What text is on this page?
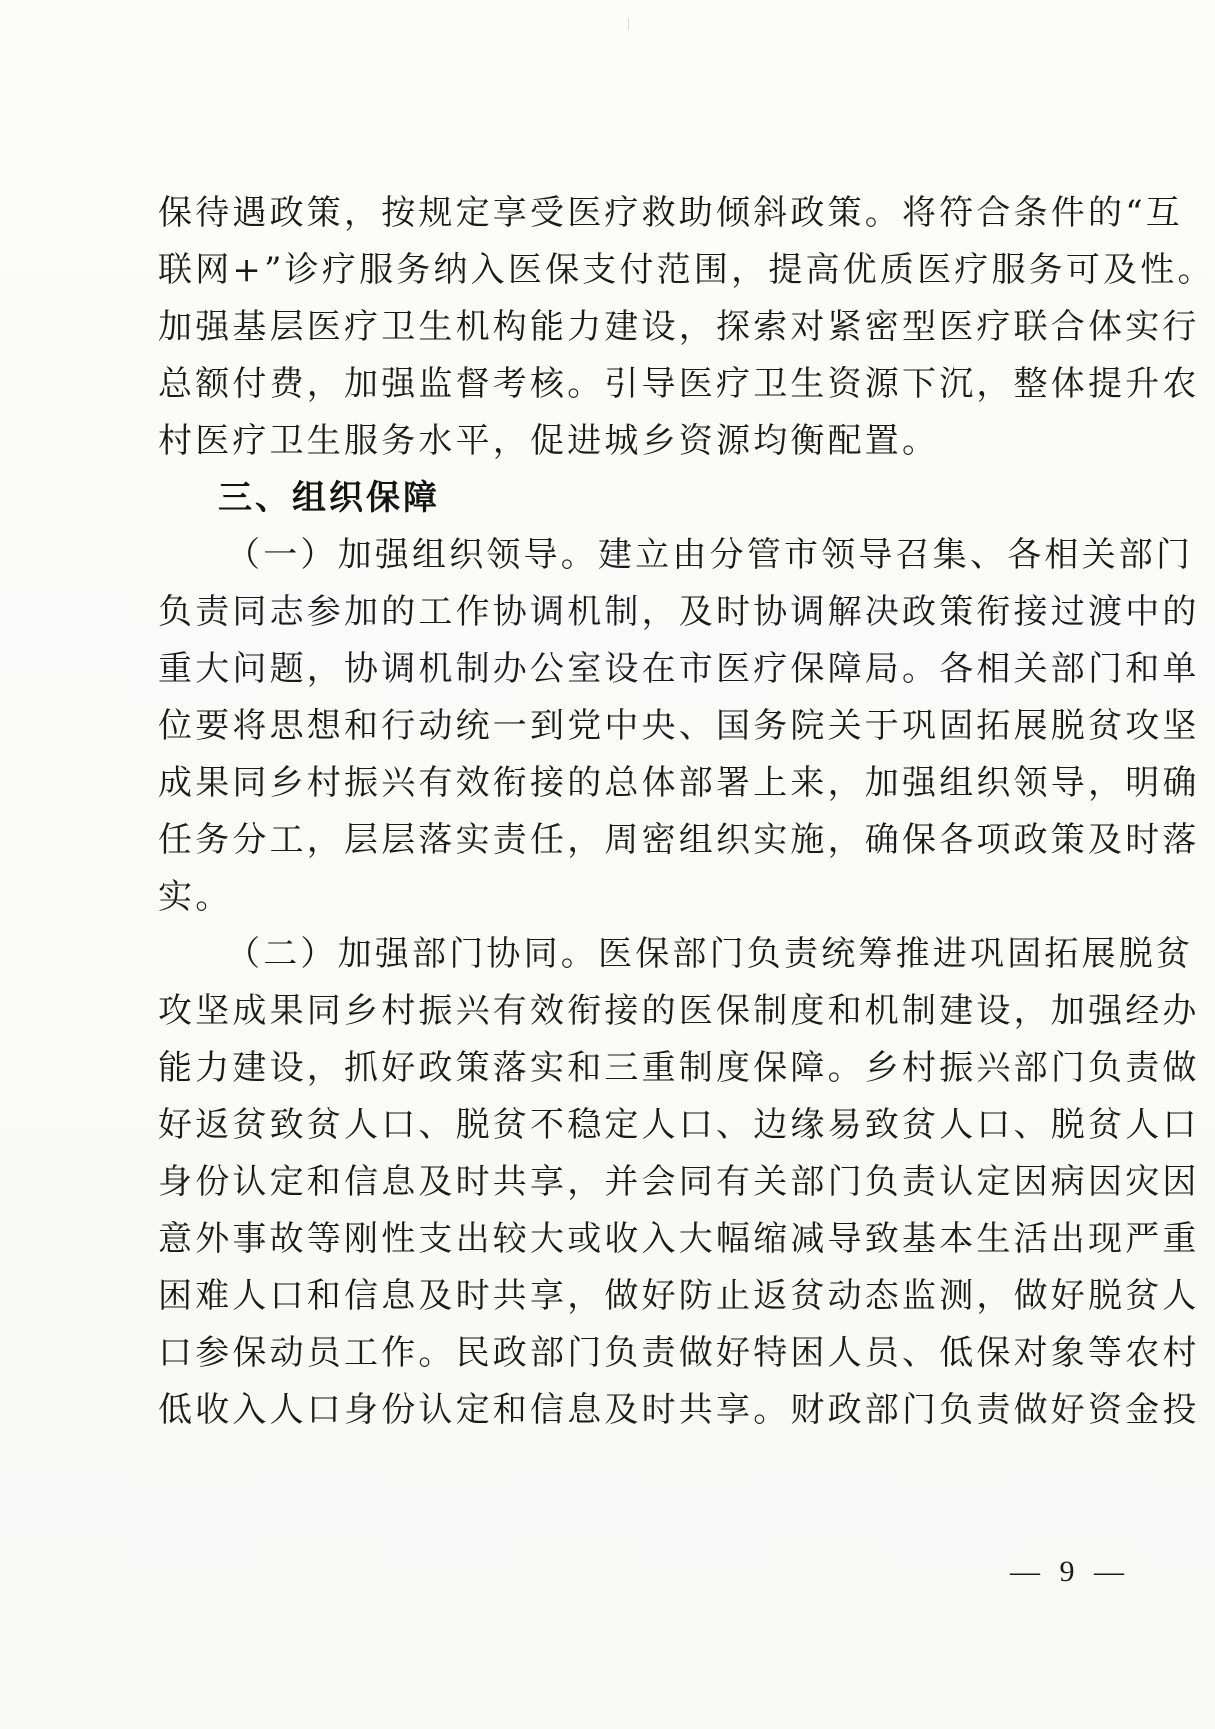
保待遇政策，按规定享受医疗救助倾斜政策。将符合条件的“互
联网+”诊疗服务纳入医保支付范围，提高优质医疗服务可及性。
加强基层医疗卫生机构能力建设，探索对紧密型医疗联合体实行
总额付费，加强监督考核。引导医疗卫生资源下沉，整体提升农
村医疗卫生服务水平，促进城乡资源均衡配置。
三、组织保障
（一）加强组织领导。建立由分管市领导召集、各相关部门
负责同志参加的工作协调机制，及时协调解决政策衔接过渡中的
重大问题，协调机制办公室设在市医疗保障局。各相关部门和单
位要将思想和行动统一到党中央、国务院关于巩固拓展脱贫攻坚
成果同乡村振兴有效衔接的总体部署上来，加强组织领导，明确
任务分工，层层落实责任，周密组织实施，确保各项政策及时落
实。
（二）加强部门协同。医保部门负责统筹推进巩固拓展脱贫
攻坚成果同乡村振兴有效衔接的医保制度和机制建设，加强经办
能力建设，抓好政策落实和三重制度保障。乡村振兴部门负责做
好返贫致贫人口、脱贫不稳定人口、边缘易致贫人口、脱贫人口
身份认定和信息及时共享，并会同有关部门负责认定因病因灾因
意外事故等刚性支出较大或收入大幅缩减导致基本生活出现严重
困难人口和信息及时共享，做好防止返贫动态监测，做好脱贫人
口参保动员工作。民政部门负责做好特困人员、低保对象等农村
低收入人口身份认定和信息及时共享。财政部门负责做好资金投
— 9 —
